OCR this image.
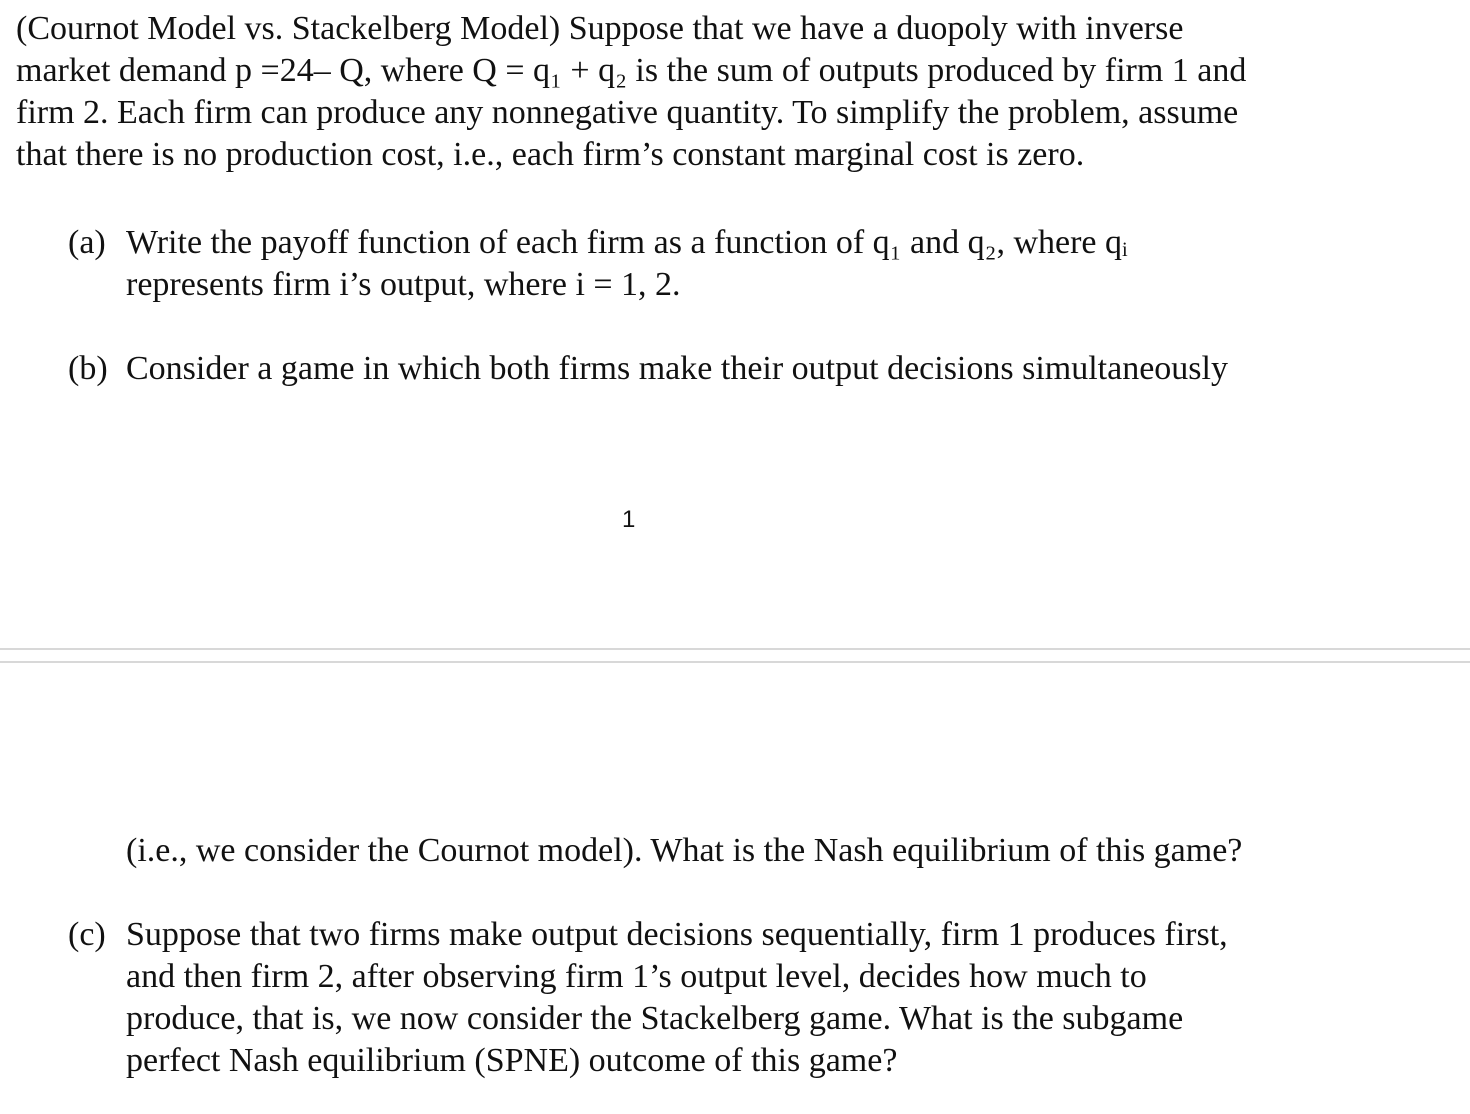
(Cournot Model vs. Stackelberg Model) Suppose that we have a duopoly with inverse
market demand p =24– Q, where Q = q₁ + q₂ is the sum of outputs produced by firm 1 and
firm 2. Each firm can produce any nonnegative quantity. To simplify the problem, assume
that there is no production cost, i.e., each firm’s constant marginal cost is zero.
(a) Write the payoff function of each firm as a function of q₁ and q₂, where qᵢ
represents firm i’s output, where i = 1, 2.
(b) Consider a game in which both firms make their output decisions simultaneously
1
(i.e., we consider the Cournot model). What is the Nash equilibrium of this game?
(c) Suppose that two firms make output decisions sequentially, firm 1 produces first,
and then firm 2, after observing firm 1’s output level, decides how much to
produce, that is, we now consider the Stackelberg game. What is the subgame
perfect Nash equilibrium (SPNE) outcome of this game?
